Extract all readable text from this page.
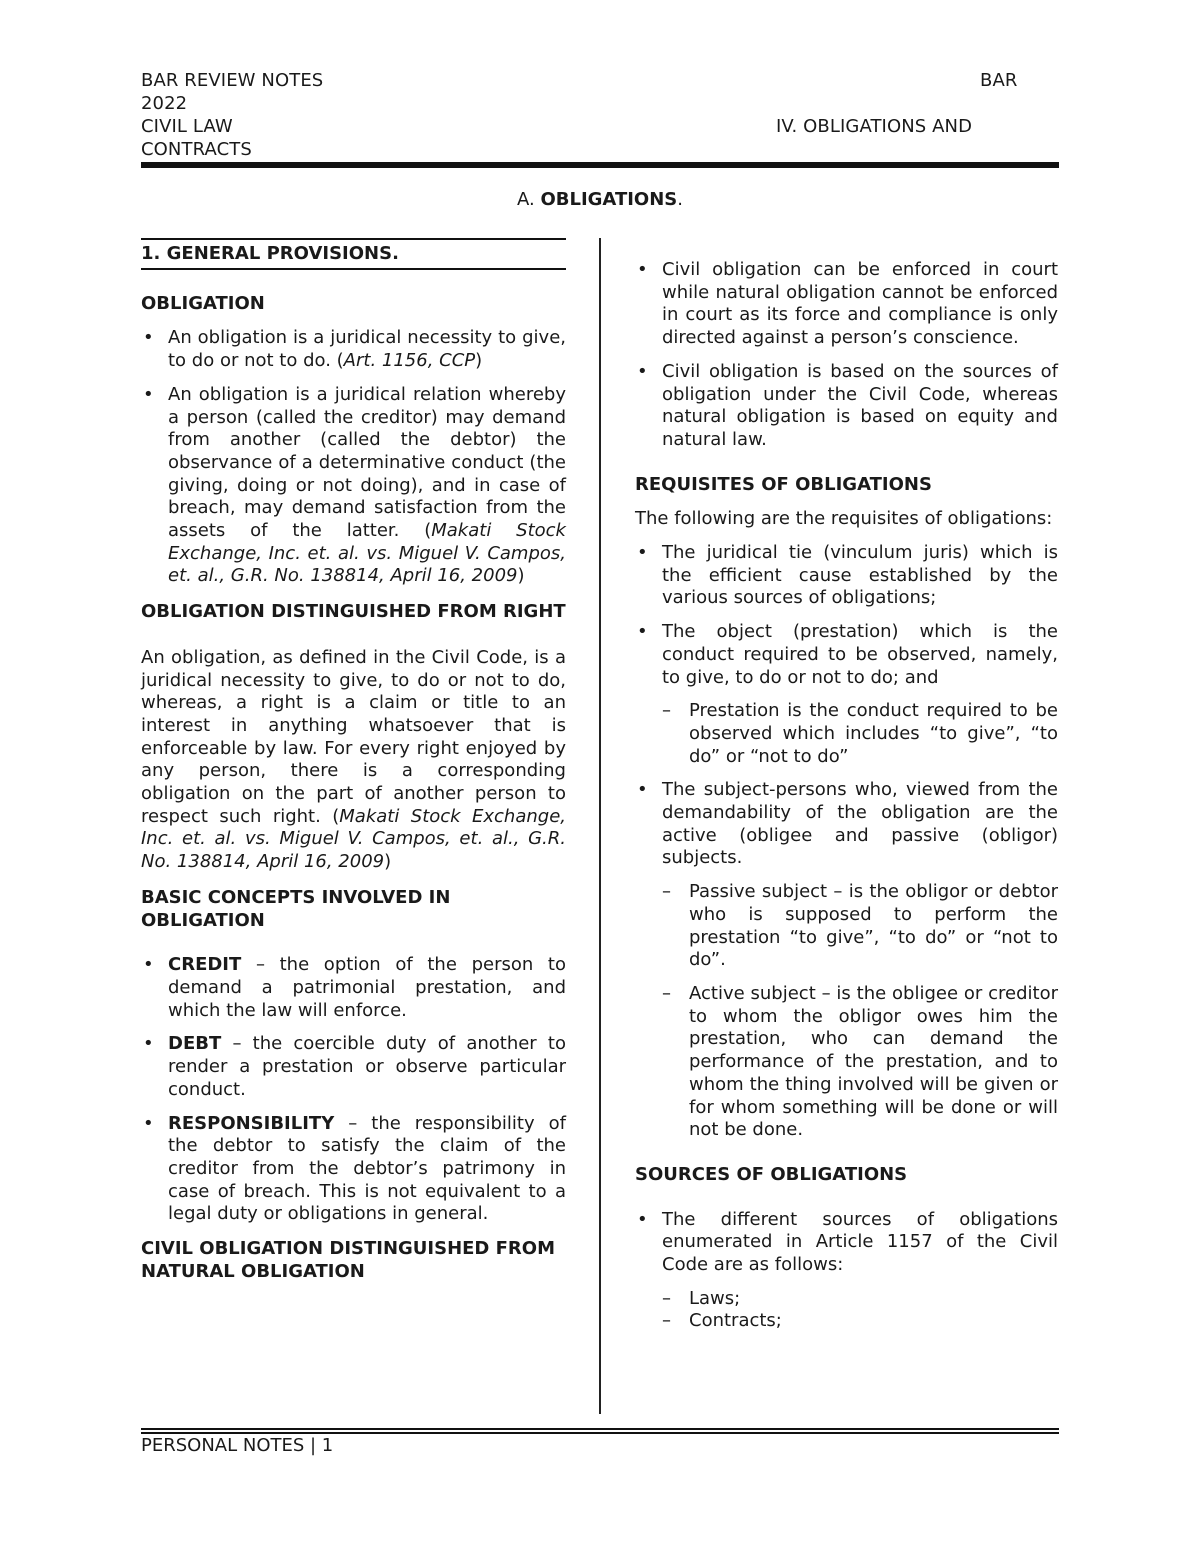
BAR REVIEW NOTES
2022
CIVIL LAW
CONTRACTS
BAR
IV. OBLIGATIONS AND
A. OBLIGATIONS.

1. GENERAL PROVISIONS.

OBLIGATION

• An obligation is a juridical necessity to give, to do or not to do. (Art. 1156, CCP)
• An obligation is a juridical relation whereby a person (called the creditor) may demand from another (called the debtor) the observance of a determinative conduct (the giving, doing or not doing), and in case of breach, may demand satisfaction from the assets of the latter. (Makati Stock Exchange, Inc. et. al. vs. Miguel V. Campos, et. al., G.R. No. 138814, April 16, 2009)

OBLIGATION DISTINGUISHED FROM RIGHT

An obligation, as defined in the Civil Code, is a juridical necessity to give, to do or not to do, whereas, a right is a claim or title to an interest in anything whatsoever that is enforceable by law. For every right enjoyed by any person, there is a corresponding obligation on the part of another person to respect such right. (Makati Stock Exchange, Inc. et. al. vs. Miguel V. Campos, et. al., G.R. No. 138814, April 16, 2009)

BASIC CONCEPTS INVOLVED IN OBLIGATION

• CREDIT – the option of the person to demand a patrimonial prestation, and which the law will enforce.
• DEBT – the coercible duty of another to render a prestation or observe particular conduct.
• RESPONSIBILITY – the responsibility of the debtor to satisfy the claim of the creditor from the debtor’s patrimony in case of breach. This is not equivalent to a legal duty or obligations in general.

CIVIL OBLIGATION DISTINGUISHED FROM NATURAL OBLIGATION

• Civil obligation can be enforced in court while natural obligation cannot be enforced in court as its force and compliance is only directed against a person’s conscience.
• Civil obligation is based on the sources of obligation under the Civil Code, whereas natural obligation is based on equity and natural law.

REQUISITES OF OBLIGATIONS

The following are the requisites of obligations:

• The juridical tie (vinculum juris) which is the efficient cause established by the various sources of obligations;
• The object (prestation) which is the conduct required to be observed, namely, to give, to do or not to do; and
– Prestation is the conduct required to be observed which includes “to give”, “to do” or “not to do”
• The subject-persons who, viewed from the demandability of the obligation are the active (obligee and passive (obligor) subjects.
– Passive subject – is the obligor or debtor who is supposed to perform the prestation “to give”, “to do” or “not to do”.
– Active subject – is the obligee or creditor to whom the obligor owes him the prestation, who can demand the performance of the prestation, and to whom the thing involved will be given or for whom something will be done or will not be done.

SOURCES OF OBLIGATIONS

• The different sources of obligations enumerated in Article 1157 of the Civil Code are as follows:
– Laws;
– Contracts;
PERSONAL NOTES | 1
